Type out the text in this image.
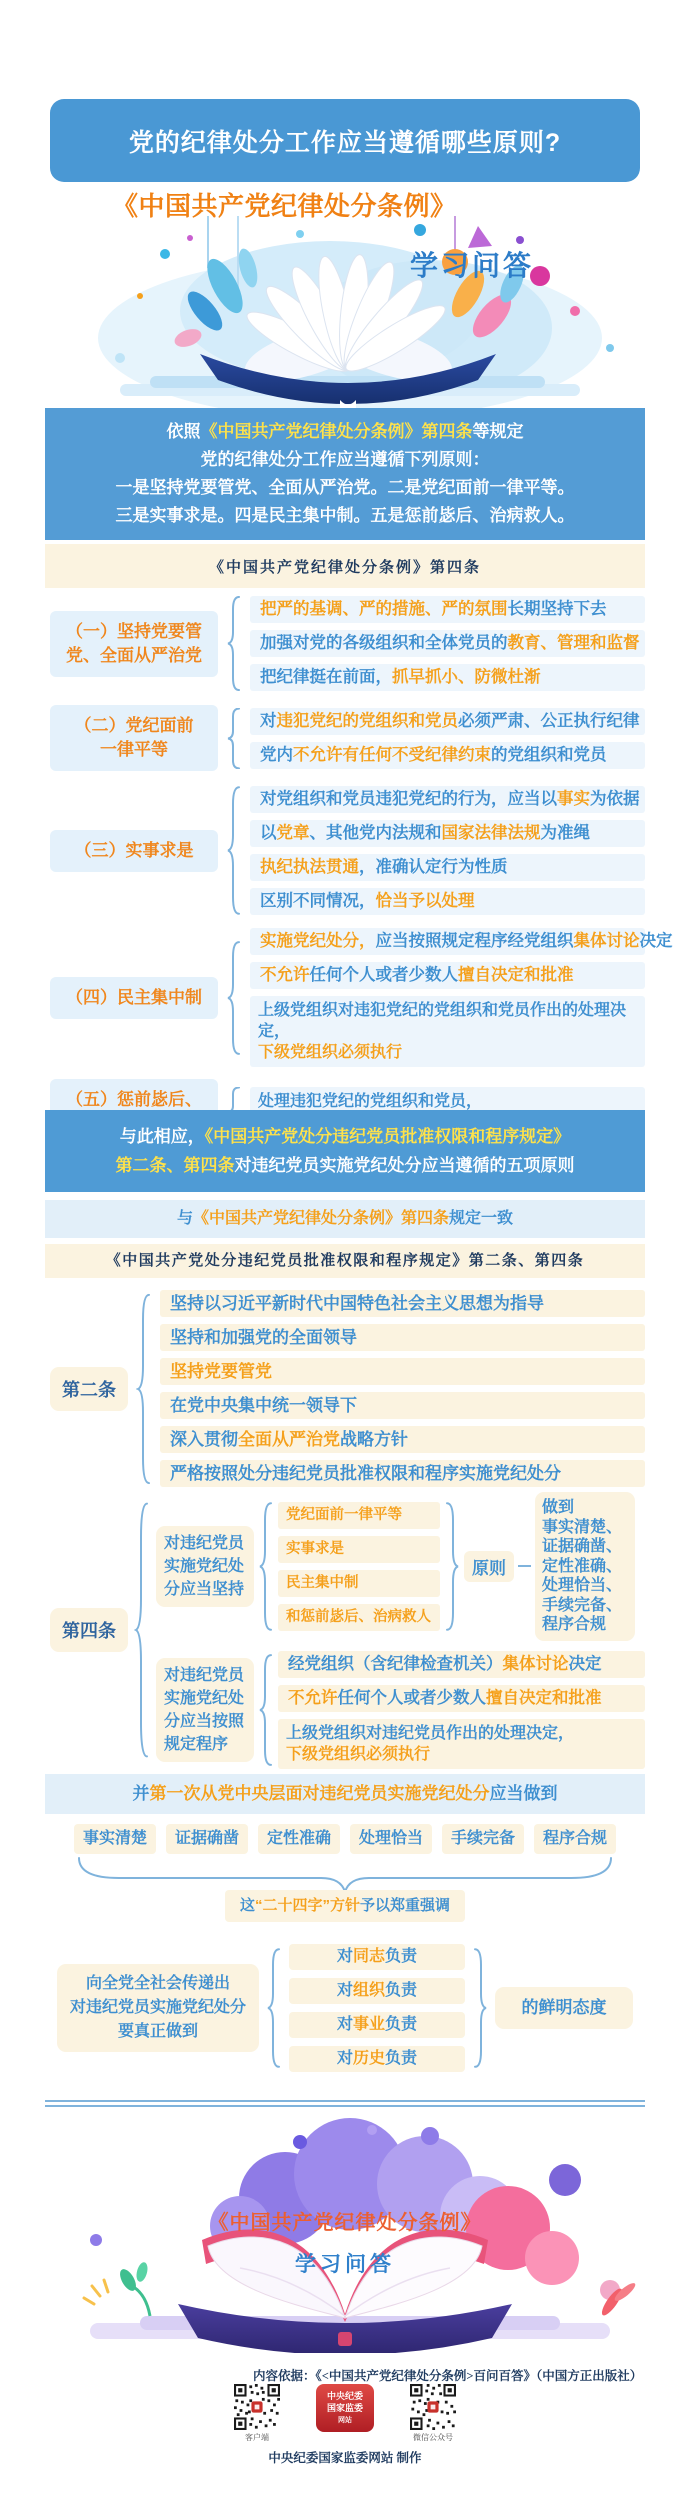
党的纪律处分工作应当遵循哪些原则?
《中国共产党纪律处分条例》
学习问答
依照《中国共产党纪律处分条例》第四条等规定
党的纪律处分工作应当遵循下列原则：
一是坚持党要管党、全面从严治党。二是党纪面前一律平等。
三是实事求是。四是民主集中制。五是惩前毖后、治病救人。
《中国共产党纪律处分条例》第四条
（一）坚持党要管
党、全面从严治党
把严的基调、严的措施、严的氛围长期坚持下去
加强对党的各级组织和全体党员的教育、管理和监督
把纪律挺在前面，抓早抓小、防微杜渐
（二）党纪面前
一律平等
对违犯党纪的党组织和党员必须严肃、公正执行纪律
党内不允许有任何不受纪律约束的党组织和党员
（三）实事求是
对党组织和党员违犯党纪的行为，应当以事实为依据
以党章、其他党内法规和国家法律法规为准绳
执纪执法贯通，准确认定行为性质
区别不同情况，恰当予以处理
（四）民主集中制
实施党纪处分，应当按照规定程序经党组织集体讨论决定
不允许任何个人或者少数人擅自决定和批准
上级党组织对违犯党纪的党组织和党员作出的处理决定，
下级党组织必须执行
（五）惩前毖后、	处理违犯党纪的党组织和党员，
与此相应，《中国共产党处分违纪党员批准权限和程序规定》
第二条、第四条对违纪党员实施党纪处分应当遵循的五项原则
与《中国共产党纪律处分条例》第四条规定一致
《中国共产党处分违纪党员批准权限和程序规定》第二条、第四条
第二条
坚持以习近平新时代中国特色社会主义思想为指导
坚持和加强党的全面领导
坚持党要管党
在党中央集中统一领导下
深入贯彻全面从严治党战略方针
严格按照处分违纪党员批准权限和程序实施党纪处分
第四条
对违纪党员实施党纪处分应当坚持
党纪面前一律平等
实事求是
民主集中制
和惩前毖后、治病救人
原则
做到
事实清楚、
证据确凿、
定性准确、
处理恰当、
手续完备、
程序合规
对违纪党员实施党纪处分应当按照规定程序
经党组织（含纪律检查机关）集体讨论决定
不允许任何个人或者少数人擅自决定和批准
上级党组织对违纪党员作出的处理决定，
下级党组织必须执行
并第一次从党中央层面对违纪党员实施党纪处分应当做到
事实清楚	证据确凿	定性准确	处理恰当	手续完备	程序合规
这“二十四字”方针予以郑重强调
向全党全社会传递出
对违纪党员实施党纪处分
要真正做到
对同志负责
对组织负责
对事业负责
对历史负责
的鲜明态度
《中国共产党纪律处分条例》
学习问答
内容依据：《<中国共产党纪律处分条例>百问百答》（中国方正出版社）
客户端
中央纪委
国家监委
网站
微信公众号
中央纪委国家监委网站 制作
